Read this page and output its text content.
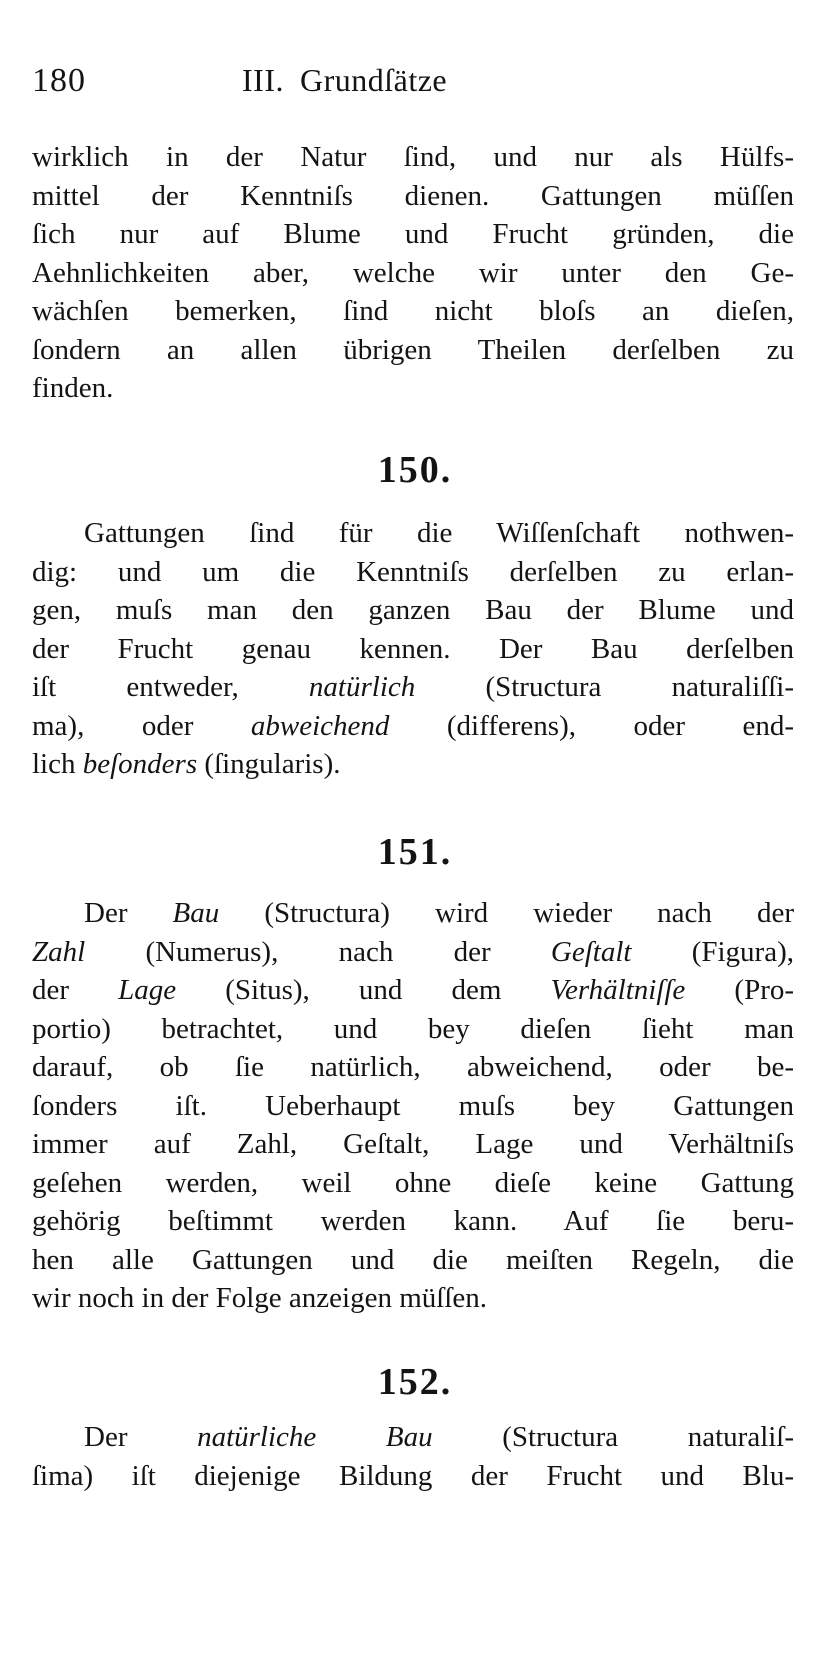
180	III. Grundſätze
wirklich in der Natur ſind, und nur als Hülfs-
mittel der Kenntniſs dienen. Gattungen müſſen
ſich nur auf Blume und Frucht gründen, die
Aehnlichkeiten aber, welche wir unter den Ge-
wächſen bemerken, ſind nicht bloſs an dieſen,
ſondern an allen übrigen Theilen derſelben zu
finden.
150.
Gattungen ſind für die Wiſſenſchaft nothwen-
dig: und um die Kenntniſs derſelben zu erlan-
gen, muſs man den ganzen Bau der Blume und
der Frucht genau kennen. Der Bau derſelben
iſt entweder, natürlich (Structura naturaliſſi-
ma), oder abweichend (differens), oder end-
lich beſonders (ſingularis).
151.
Der Bau (Structura) wird wieder nach der
Zahl (Numerus), nach der Geſtalt (Figura),
der Lage (Situs), und dem Verhältniſſe (Pro-
portio) betrachtet, und bey dieſen ſieht man
darauf, ob ſie natürlich, abweichend, oder be-
ſonders iſt. Ueberhaupt muſs bey Gattungen
immer auf Zahl, Geſtalt, Lage und Verhältniſs
geſehen werden, weil ohne dieſe keine Gattung
gehörig beſtimmt werden kann. Auf ſie beru-
hen alle Gattungen und die meiſten Regeln, die
wir noch in der Folge anzeigen müſſen.
152.
Der natürliche Bau (Structura naturaliſ-
ſima) iſt diejenige Bildung der Frucht und Blu-
